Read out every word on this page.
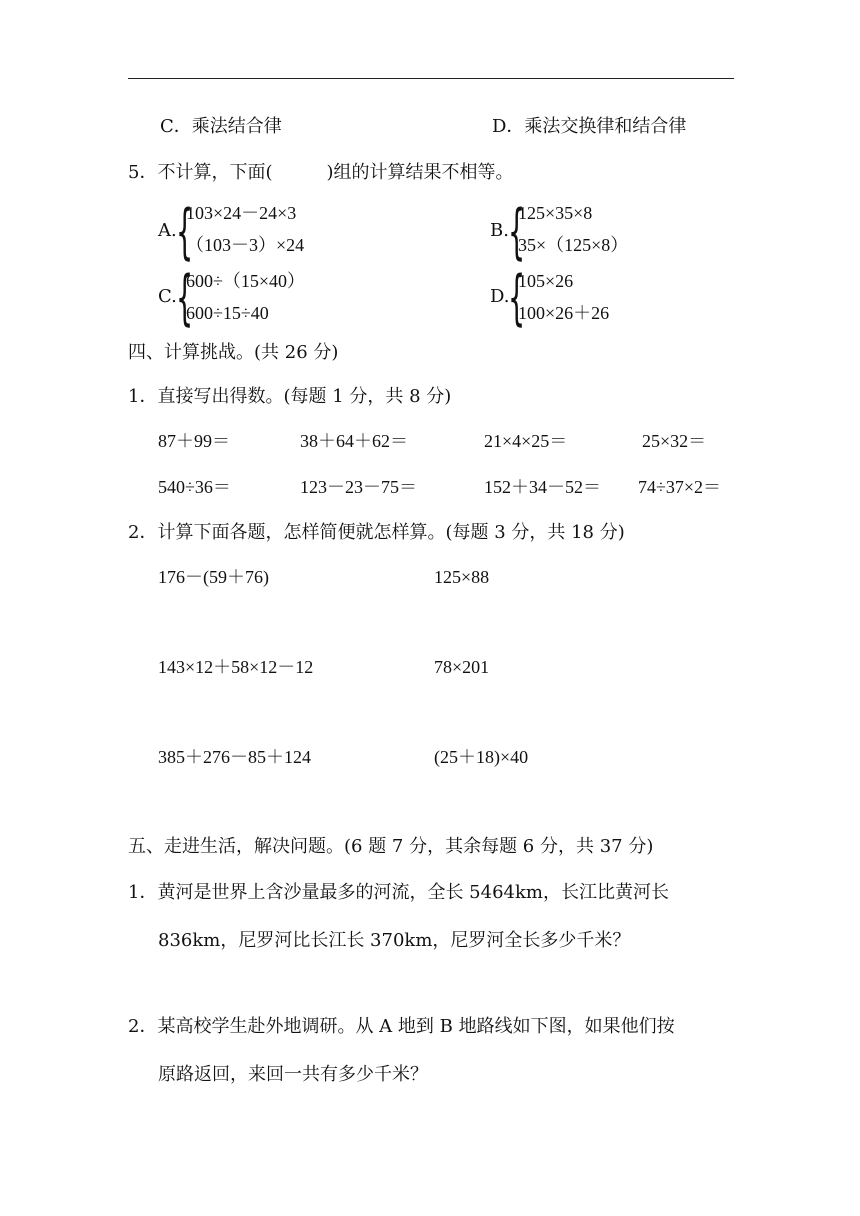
C．乘法结合律	D．乘法交换律和结合律
5．不计算，下面(　　　)组的计算结果不相等。
A. {
103×24－24×3
（103－3）×24
B. {
125×35×8
35×（125×8）
C. {
600÷（15×40）
600÷15÷40
D.
{
105×26
100×26＋26
四、计算挑战。(共 26 分)
1．直接写出得数。(每题 1 分，共 8 分)
87＋99＝	38＋64＋62＝	21×4×25＝	25×32＝
540÷36＝	123－23－75＝	152＋34－52＝ 74÷37×2＝
2．计算下面各题，怎样简便就怎样算。(每题 3 分，共 18 分)
176－(59＋76)	125×88
143×12＋58×12－12	78×201
385＋276－85＋124	(25＋18)×40
五、走进生活，解决问题。(6 题 7 分，其余每题 6 分，共 37 分)
1．黄河是世界上含沙量最多的河流，全长 5464km，长江比黄河长
836km，尼罗河比长江长 370km，尼罗河全长多少千米？
2．某高校学生赴外地调研。从 A 地到 B 地路线如下图，如果他们按
原路返回，来回一共有多少千米？
